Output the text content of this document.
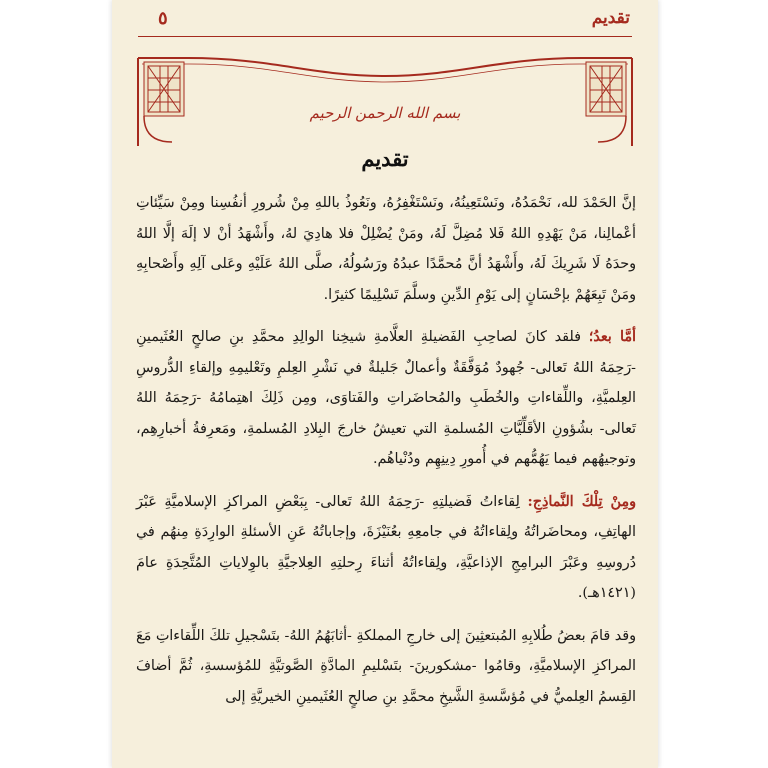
تقديم
٥
بسم الله الرحمن الرحيم
تقديم

إنَّ الحَمْدَ لله، نَحْمَدُهُ، ونَسْتَعِينُهُ، ونَسْتَغْفِرُهُ، ونَعُوذُ باللهِ مِنْ شُرورِ أنفُسِنا ومِنْ سَيِّئاتِ أعْمالِنا، مَنْ يَهْدِهِ اللهُ فَلا مُضِلَّ لَهُ، ومَنْ يُضْلِلْ فلا هادِيَ لهُ، وأَشْهَدُ أنْ لا إلَهَ إلَّا اللهُ وحدَهُ لَا شَرِيكَ لَهُ، وأَشْهَدُ أنَّ مُحمَّدًا عبدُهُ ورَسُولُهُ، صلَّى اللهُ عَلَيْهِ وعَلى آلِهِ وأَصْحابِهِ ومَنْ تَبِعَهُمْ بإحْسَانٍ إلى يَوْمِ الدِّينِ وسلَّمَ تَسْلِيمًا كثيرًا.

أمَّا بعدُ؛ فلقد كانَ لصاحِبِ الفَضيلةِ العلَّامةِ شيخِنا الوالِدِ محمَّدِ بنِ صالحٍ العُثَيمينِ -رَحِمَهُ اللهُ تَعالى- جُهودٌ مُوَفَّقَةٌ وأعمالٌ جَليلةٌ في نَشْرِ العِلمِ وتَعْليمِهِ وإلقاءِ الدُّروسِ العِلميَّةِ، واللِّقاءاتِ والخُطَبِ والمُحاضَراتِ والفَتاوَى، ومِن ذَلِكَ اهتِمامُهُ -رَحِمَهُ اللهُ تَعالى- بشُؤونِ الأقَلِّيَّاتِ المُسلمةِ التي تعيشُ خارجَ البِلادِ المُسلمةِ، ومَعرِفةُ أخبارِهِم، وتوجيهُهم فيما يَهُمُّهم في أُمورِ دِينِهِم ودُنْياهُم.

ومِنْ تِلْكَ النَّماذِجِ: لِقاءاتُ فَضيلتِهِ -رَحِمَهُ اللهُ تَعالى- بِبَعْضِ المراكزِ الإسلاميَّةِ عَبْرَ الهاتِفِ، ومحاضَراتُهُ ولِقاءاتُهُ في جامعِهِ بعُنَيْزَةَ، وإجاباتُهُ عَنِ الأسئلةِ الوارِدَةِ مِنهُم في دُروسِهِ وعَبْرَ البرامِجِ الإذاعيَّةِ، ولِقاءاتُهُ أثناءَ رِحلتِهِ العِلاجيَّةِ بالوِلاياتِ المُتَّحِدَةِ عامَ (١٤٢١هـ).

وقد قامَ بعضُ طُلابِهِ المُبتعثِينَ إلى خارجِ المملكةِ -أثابَهُمُ اللهُ- بتَسْجيلِ تلكَ اللِّقاءاتِ مَعَ المراكزِ الإسلاميَّةِ، وقامُوا -مشكورينَ- بتَسْليمِ المادَّةِ الصَّوتيَّةِ للمُؤسسةِ، ثُمَّ أضافَ القِسمُ العِلميُّ في مُؤسَّسةِ الشَّيخِ محمَّدِ بنِ صالحٍ العُثَيمينِ الخيريَّةِ إلى
